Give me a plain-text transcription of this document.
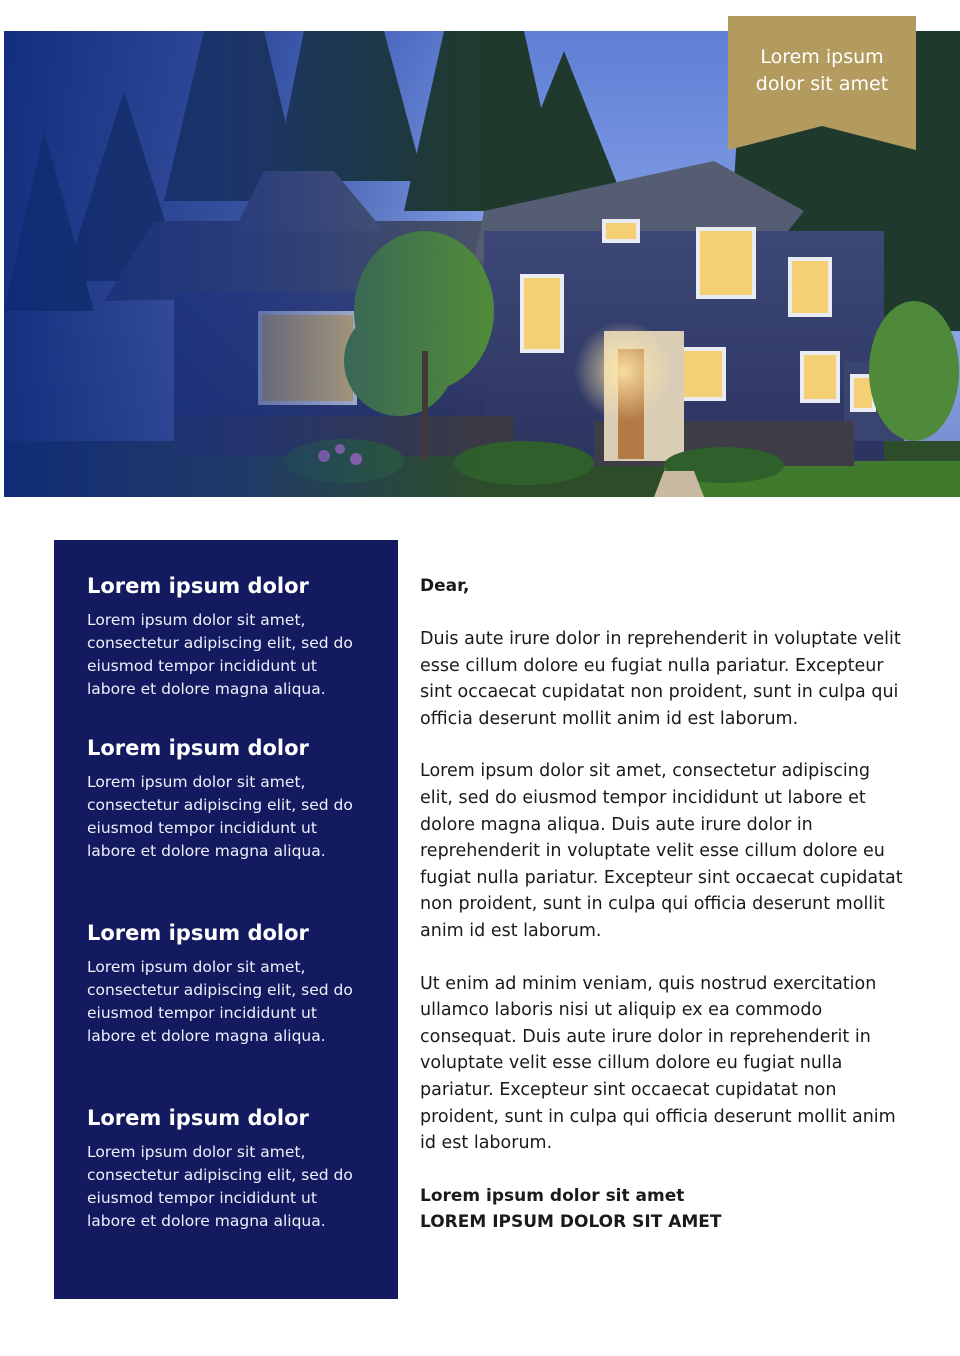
Lorem ipsum
dolor sit amet
Lorem ipsum dolor

Lorem ipsum dolor sit amet,
consectetur adipiscing elit, sed do
eiusmod tempor incididunt ut
labore et dolore magna aliqua.

Lorem ipsum dolor

Lorem ipsum dolor sit amet,
consectetur adipiscing elit, sed do
eiusmod tempor incididunt ut
labore et dolore magna aliqua.

Lorem ipsum dolor

Lorem ipsum dolor sit amet,
consectetur adipiscing elit, sed do
eiusmod tempor incididunt ut
labore et dolore magna aliqua.

Lorem ipsum dolor

Lorem ipsum dolor sit amet,
consectetur adipiscing elit, sed do
eiusmod tempor incididunt ut
labore et dolore magna aliqua.

Dear,

Duis aute irure dolor in reprehenderit in voluptate velit
esse cillum dolore eu fugiat nulla pariatur. Excepteur
sint occaecat cupidatat non proident, sunt in culpa qui
officia deserunt mollit anim id est laborum.

Lorem ipsum dolor sit amet, consectetur adipiscing
elit, sed do eiusmod tempor incididunt ut labore et
dolore magna aliqua. Duis aute irure dolor in
reprehenderit in voluptate velit esse cillum dolore eu
fugiat nulla pariatur. Excepteur sint occaecat cupidatat
non proident, sunt in culpa qui officia deserunt mollit
anim id est laborum.

Ut enim ad minim veniam, quis nostrud exercitation
ullamco laboris nisi ut aliquip ex ea commodo
consequat. Duis aute irure dolor in reprehenderit in
voluptate velit esse cillum dolore eu fugiat nulla
pariatur. Excepteur sint occaecat cupidatat non
proident, sunt in culpa qui officia deserunt mollit anim
id est laborum.

Lorem ipsum dolor sit amet

LOREM IPSUM DOLOR SIT AMET
